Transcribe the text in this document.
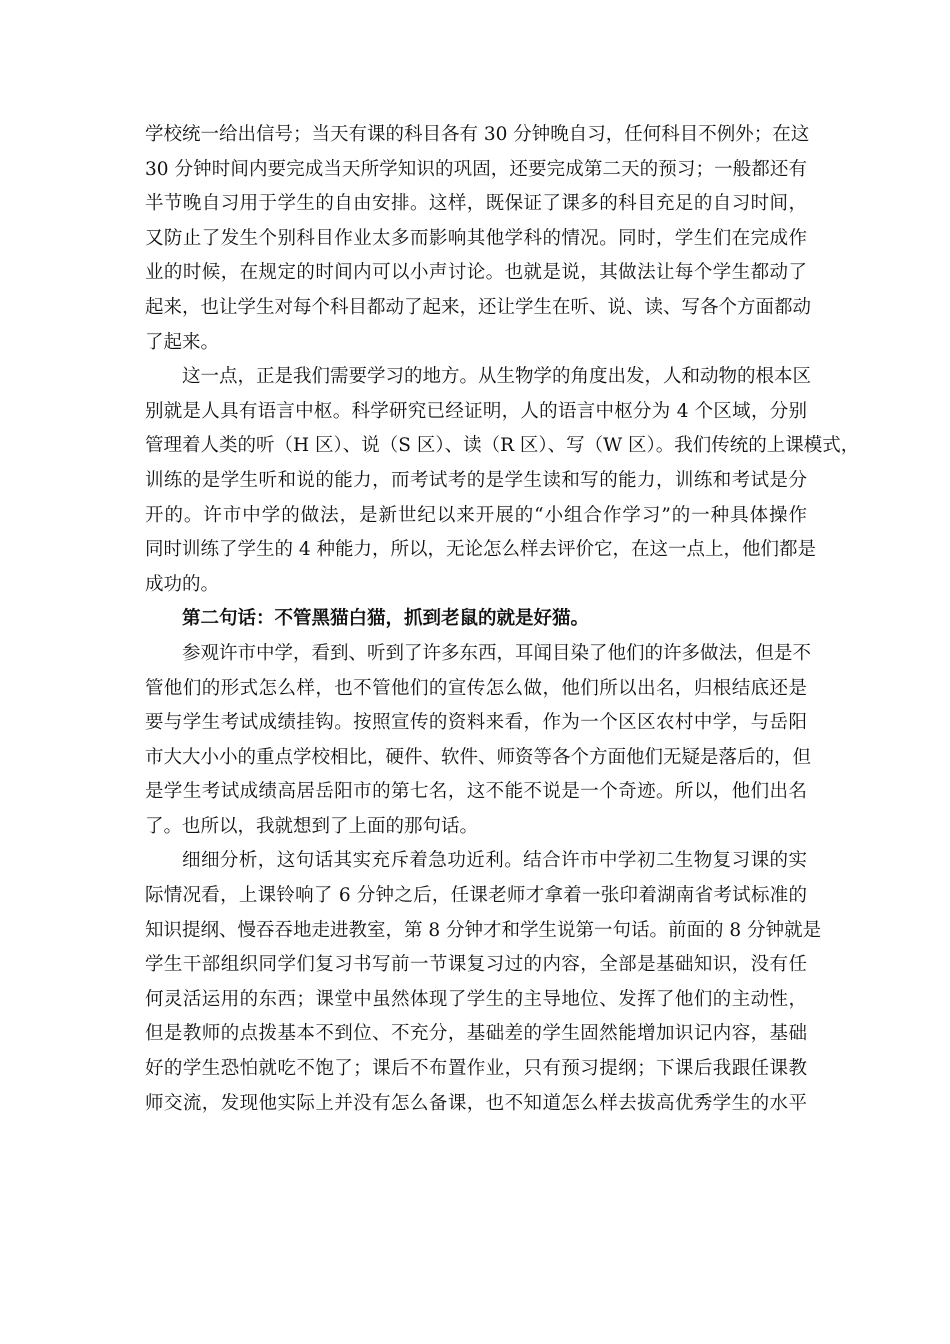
学校统一给出信号；当天有课的科目各有 30 分钟晚自习，任何科目不例外；在这
30 分钟时间内要完成当天所学知识的巩固，还要完成第二天的预习；一般都还有
半节晚自习用于学生的自由安排。这样，既保证了课多的科目充足的自习时间，
又防止了发生个别科目作业太多而影响其他学科的情况。同时，学生们在完成作
业的时候，在规定的时间内可以小声讨论。也就是说，其做法让每个学生都动了
起来，也让学生对每个科目都动了起来，还让学生在听、说、读、写各个方面都动
了起来。
这一点，正是我们需要学习的地方。从生物学的角度出发，人和动物的根本区
别就是人具有语言中枢。科学研究已经证明，人的语言中枢分为 4 个区域，分别
管理着人类的听（H 区）、说（S 区）、读（R 区）、写（W 区）。我们传统的上课模式，
训练的是学生听和说的能力，而考试考的是学生读和写的能力，训练和考试是分
开的。许市中学的做法，是新世纪以来开展的“小组合作学习”的一种具体操作
同时训练了学生的 4 种能力，所以，无论怎么样去评价它，在这一点上，他们都是
成功的。
第二句话：不管黑猫白猫，抓到老鼠的就是好猫。
参观许市中学，看到、听到了许多东西，耳闻目染了他们的许多做法，但是不
管他们的形式怎么样，也不管他们的宣传怎么做，他们所以出名，归根结底还是
要与学生考试成绩挂钩。按照宣传的资料来看，作为一个区区农村中学，与岳阳
市大大小小的重点学校相比，硬件、软件、师资等各个方面他们无疑是落后的，但
是学生考试成绩高居岳阳市的第七名，这不能不说是一个奇迹。所以，他们出名
了。也所以，我就想到了上面的那句话。
细细分析，这句话其实充斥着急功近利。结合许市中学初二生物复习课的实
际情况看，上课铃响了 6 分钟之后，任课老师才拿着一张印着湖南省考试标准的
知识提纲、慢吞吞地走进教室，第 8 分钟才和学生说第一句话。前面的 8 分钟就是
学生干部组织同学们复习书写前一节课复习过的内容，全部是基础知识，没有任
何灵活运用的东西；课堂中虽然体现了学生的主导地位、发挥了他们的主动性，
但是教师的点拨基本不到位、不充分，基础差的学生固然能增加识记内容，基础
好的学生恐怕就吃不饱了；课后不布置作业，只有预习提纲；下课后我跟任课教
师交流，发现他实际上并没有怎么备课，也不知道怎么样去拔高优秀学生的水平
